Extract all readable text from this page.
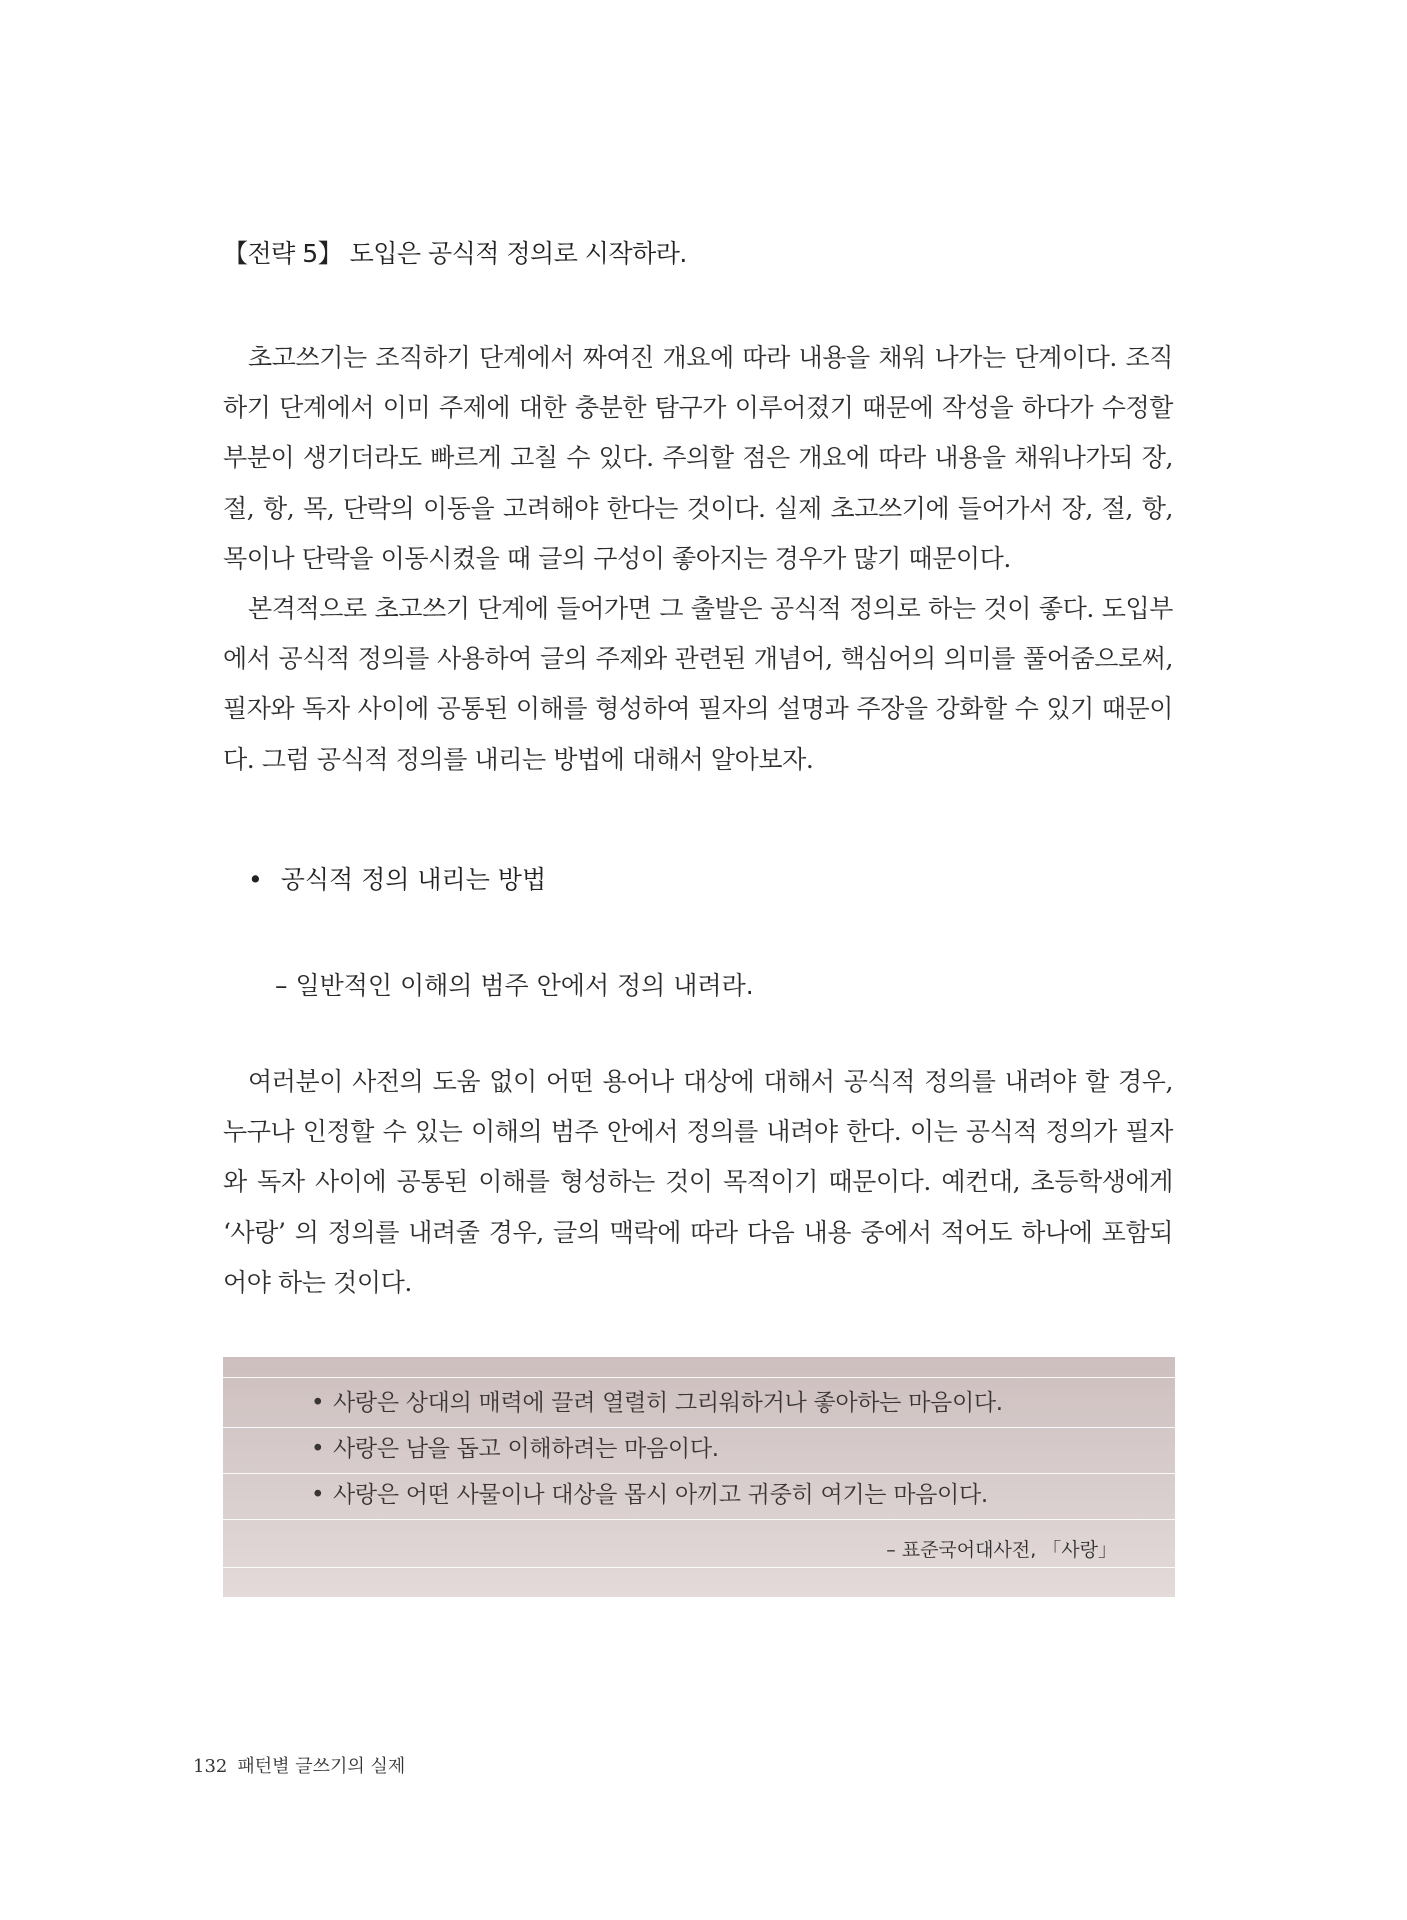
【전략 5】 도입은 공식적 정의로 시작하라.

초고쓰기는 조직하기 단계에서 짜여진 개요에 따라 내용을 채워 나가는 단계이다. 조직하기 단계에서 이미 주제에 대한 충분한 탐구가 이루어졌기 때문에 작성을 하다가 수정할 부분이 생기더라도 빠르게 고칠 수 있다. 주의할 점은 개요에 따라 내용을 채워나가되 장, 절, 항, 목, 단락의 이동을 고려해야 한다는 것이다. 실제 초고쓰기에 들어가서 장, 절, 항, 목이나 단락을 이동시켰을 때 글의 구성이 좋아지는 경우가 많기 때문이다.

본격적으로 초고쓰기 단계에 들어가면 그 출발은 공식적 정의로 하는 것이 좋다. 도입부에서 공식적 정의를 사용하여 글의 주제와 관련된 개념어, 핵심어의 의미를 풀어줌으로써, 필자와 독자 사이에 공통된 이해를 형성하여 필자의 설명과 주장을 강화할 수 있기 때문이다. 그럼 공식적 정의를 내리는 방법에 대해서 알아보자.

• 공식적 정의 내리는 방법
– 일반적인 이해의 범주 안에서 정의 내려라.

여러분이 사전의 도움 없이 어떤 용어나 대상에 대해서 공식적 정의를 내려야 할 경우, 누구나 인정할 수 있는 이해의 범주 안에서 정의를 내려야 한다. 이는 공식적 정의가 필자와 독자 사이에 공통된 이해를 형성하는 것이 목적이기 때문이다. 예컨대, 초등학생에게 ‘사랑’ 의 정의를 내려줄 경우, 글의 맥락에 따라 다음 내용 중에서 적어도 하나에 포함되어야 하는 것이다.

• 사랑은 상대의 매력에 끌려 열렬히 그리워하거나 좋아하는 마음이다.
• 사랑은 남을 돕고 이해하려는 마음이다.
• 사랑은 어떤 사물이나 대상을 몹시 아끼고 귀중히 여기는 마음이다.
– 표준국어대사전, 「사랑」
132 패턴별 글쓰기의 실제
